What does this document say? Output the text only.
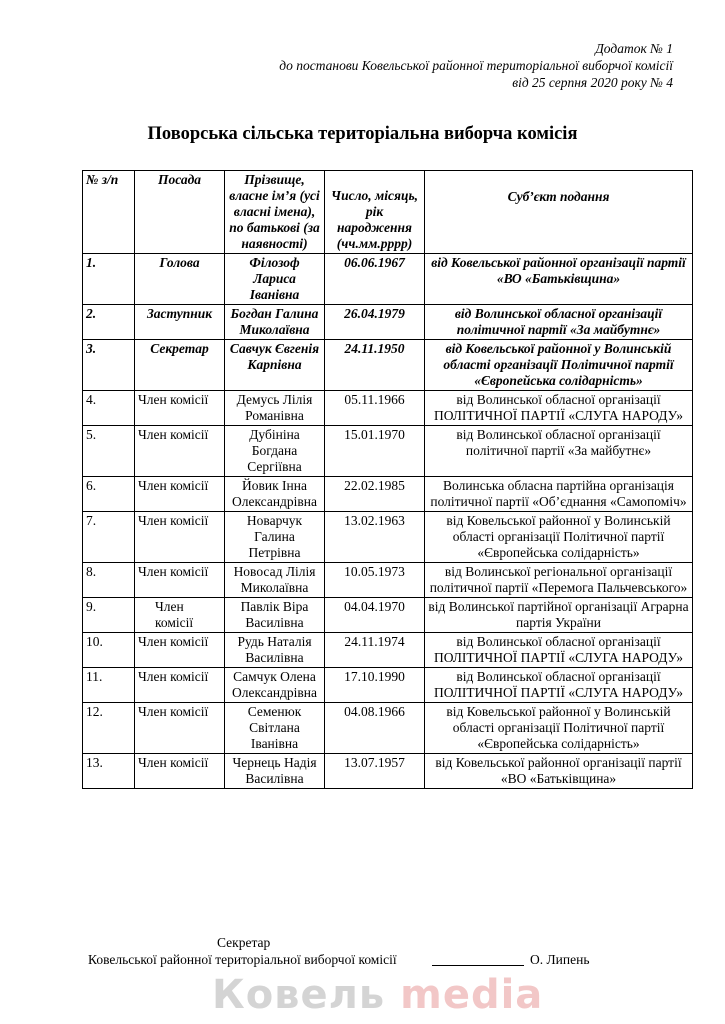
Додаток № 1
до постанови Ковельської районної територіальної виборчої комісії
від 25 серпня 2020 року № 4
Поворська сільська територіальна виборча комісія
№ з/п	Посада	Прізвище, власне ім’я (усі власні імена), по батькові (за наявності)	Число, місяць, рік народження (чч.мм.рррр)	Суб’єкт подання
1.	Голова	Філозоф Лариса Іванівна	06.06.1967	від Ковельської районної організації партії «ВО «Батьківщина»
2.	Заступник	Богдан Галина Миколаївна	26.04.1979	від Волинської обласної організації політичної партії «За майбутнє»
3.	Секретар	Савчук Євгенія Карпівна	24.11.1950	від Ковельської районної у Волинській області організації Політичної партії «Європейська солідарність»
4.	Член комісії	Демусь Лілія Романівна	05.11.1966	від Волинської обласної організації ПОЛІТИЧНОЇ ПАРТІЇ «СЛУГА НАРОДУ»
5.	Член комісії	Дубініна Богдана Сергіївна	15.01.1970	від Волинської обласної організації політичної партії «За майбутнє»
6.	Член комісії	Йовик Інна Олександрівна	22.02.1985	Волинська обласна партійна організація політичної партії «Об’єднання «Самопоміч»
7.	Член комісії	Новарчук Галина Петрівна	13.02.1963	від Ковельської районної у Волинській області організації Політичної партії «Європейська солідарність»
8.	Член комісії	Новосад Лілія Миколаївна	10.05.1973	від Волинської регіональної організації політичної партії «Перемога Пальчевського»
9.	Член комісії	Павлік Віра Василівна	04.04.1970	від Волинської партійної організації Аграрна партія України
10.	Член комісії	Рудь Наталія Василівна	24.11.1974	від Волинської обласної організації ПОЛІТИЧНОЇ ПАРТІЇ «СЛУГА НАРОДУ»
11.	Член комісії	Самчук Олена Олександрівна	17.10.1990	від Волинської обласної організації ПОЛІТИЧНОЇ ПАРТІЇ «СЛУГА НАРОДУ»
12.	Член комісії	Семенюк Світлана Іванівна	04.08.1966	від Ковельської районної у Волинській області організації Політичної партії «Європейська солідарність»
13.	Член комісії	Чернець Надія Василівна	13.07.1957	від Ковельської районної організації партії «ВО «Батьківщина»
Секретар
Ковельської районної територіальної виборчої комісії	О. Липень
Ковель media
